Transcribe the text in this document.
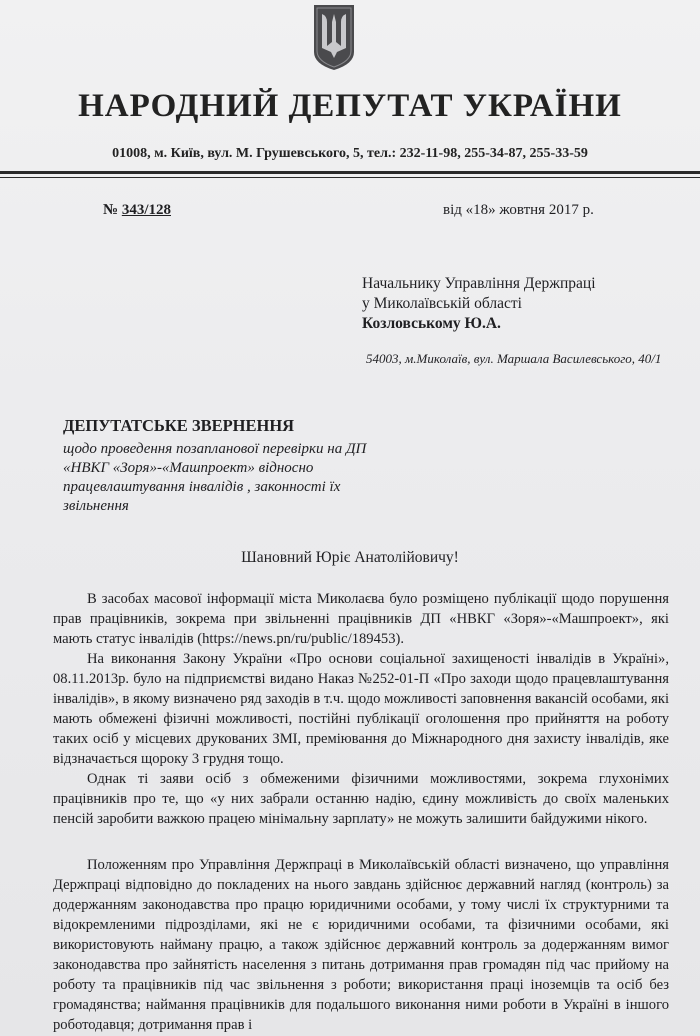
НАРОДНИЙ ДЕПУТАТ УКРАЇНИ
01008, м. Київ, вул. М. Грушевського, 5, тел.: 232-11-98, 255-34-87, 255-33-59
№ 343/128	від «18» жовтня 2017 р.
Начальнику Управління Держпраці
у Миколаївській області
Козловському Ю.А.
54003, м.Миколаїв, вул. Маршала Василевського, 40/1
ДЕПУТАТСЬКЕ ЗВЕРНЕННЯ
щодо проведення позапланової перевірки на ДП «НВКГ «Зоря»-«Машпроект» відносно працевлаштування інвалідів , законності їх звільнення
Шановний Юріє Анатолійовичу!
В засобах масової інформації міста Миколаєва було розміщено публікації щодо порушення прав працівників, зокрема при звільненні працівників ДП «НВКГ «Зоря»-«Машпроект», які мають статус інвалідів (https://news.pn/ru/public/189453).
На виконання Закону України «Про основи соціальної захищеності інвалідів в Україні», 08.11.2013р. було на підприємстві видано Наказ №252-01-П «Про заходи щодо працевлаштування інвалідів», в якому визначено ряд заходів в т.ч. щодо можливості заповнення вакансій особами, які мають обмежені фізичні можливості, постійні публікації оголошення про прийняття на роботу таких осіб у місцевих друкованих ЗМІ, преміювання до Міжнародного дня захисту інвалідів, яке відзначається щороку 3 грудня тощо.
Однак ті заяви осіб з обмеженими фізичними можливостями, зокрема глухонімих працівників про те, що «у них забрали останню надію, єдину можливість до своїх маленьких пенсій заробити важкою працею мінімальну зарплату» не можуть залишити байдужими нікого.
Положенням про Управління Держпраці в Миколаївській області визначено, що управління Держпраці відповідно до покладених на нього завдань здійснює державний нагляд (контроль) за додержанням законодавства про працю юридичними особами, у тому числі їх структурними та відокремленими підрозділами, які не є юридичними особами, та фізичними особами, які використовують найману працю, а також здійснює державний контроль за додержанням вимог законодавства про зайнятість населення з питань дотримання прав громадян під час прийому на роботу та працівників під час звільнення з роботи; використання праці іноземців та осіб без громадянства; наймання працівників для подальшого виконання ними роботи в Україні в іншого роботодавця; дотримання прав і
